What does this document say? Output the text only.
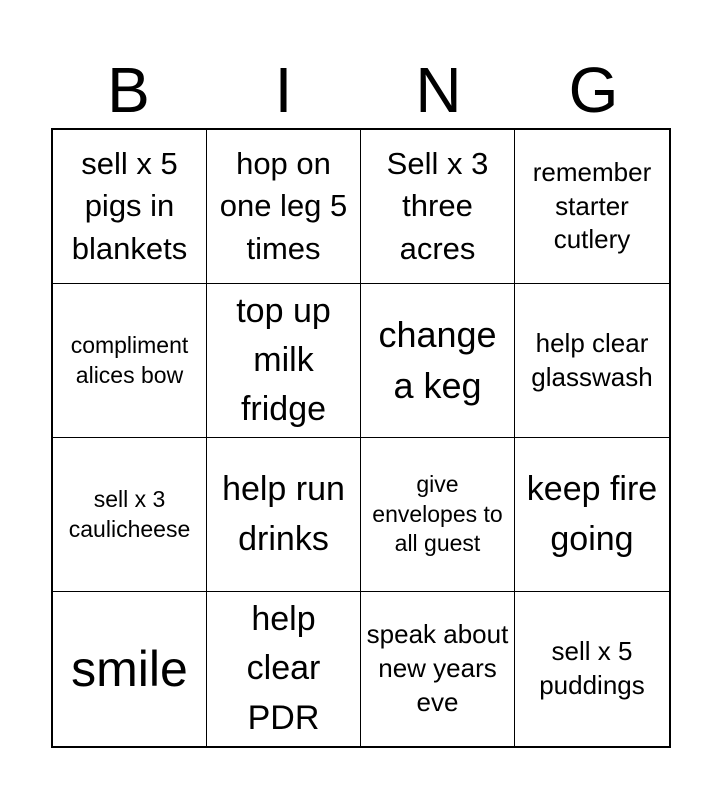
B	I	N	G
sell x 5 pigs in blankets
hop on one leg 5 times
Sell x 3 three acres
remember starter cutlery
compliment alices bow
top up milk fridge
change a keg
help clear glasswash
sell x 3 caulicheese
help run drinks
give envelopes to all guest
keep fire going
smile
help clear PDR
speak about new years eve
sell x 5 puddings
